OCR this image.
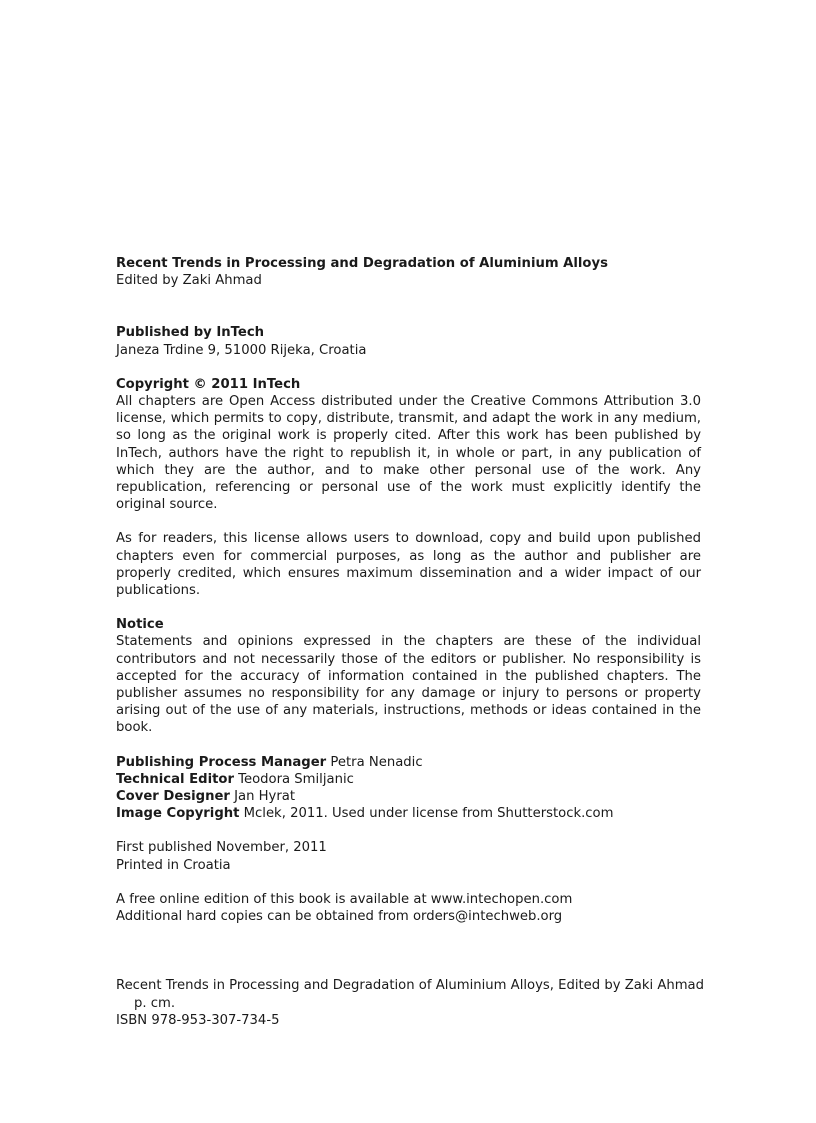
Recent Trends in Processing and Degradation of Aluminium Alloys
Edited by Zaki Ahmad
Published by InTech
Janeza Trdine 9, 51000 Rijeka, Croatia
Copyright © 2011 InTech

All chapters are Open Access distributed under the Creative Commons Attribution 3.0 license, which permits to copy, distribute, transmit, and adapt the work in any medium, so long as the original work is properly cited. After this work has been published by InTech, authors have the right to republish it, in whole or part, in any publication of which they are the author, and to make other personal use of the work. Any republication, referencing or personal use of the work must explicitly identify the original source.

As for readers, this license allows users to download, copy and build upon published chapters even for commercial purposes, as long as the author and publisher are properly credited, which ensures maximum dissemination and a wider impact of our publications.

Notice

Statements and opinions expressed in the chapters are these of the individual contributors and not necessarily those of the editors or publisher. No responsibility is accepted for the accuracy of information contained in the published chapters. The publisher assumes no responsibility for any damage or injury to persons or property arising out of the use of any materials, instructions, methods or ideas contained in the book.

Publishing Process Manager Petra Nenadic
Technical Editor Teodora Smiljanic
Cover Designer Jan Hyrat
Image Copyright Mclek, 2011. Used under license from Shutterstock.com
First published November, 2011
Printed in Croatia
A free online edition of this book is available at www.intechopen.com
Additional hard copies can be obtained from orders@intechweb.org
Recent Trends in Processing and Degradation of Aluminium Alloys, Edited by Zaki Ahmad
p. cm.
ISBN 978-953-307-734-5
